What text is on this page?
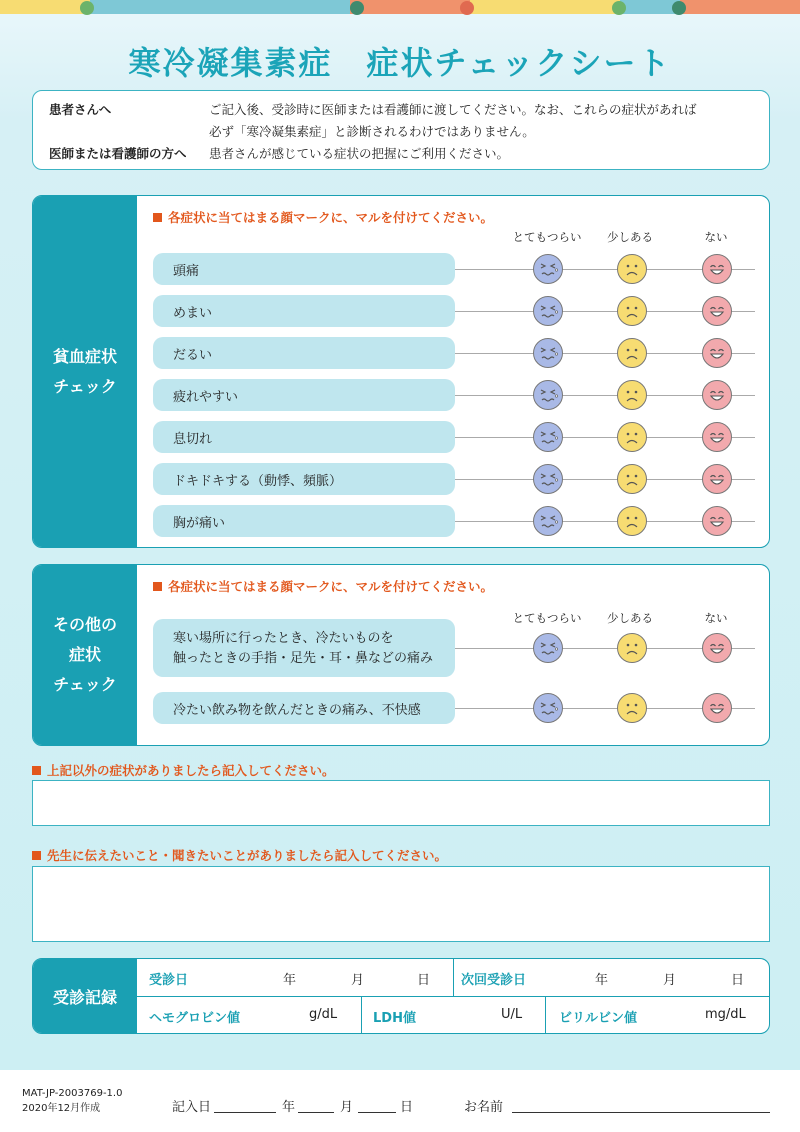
寒冷凝集素症　症状チェックシート
患者さんへ	ご記入後、受診時に医師または看護師に渡してください。なお、これらの症状があれば
必ず「寒冷凝集素症」と診断されるわけではありません。
医師または看護師の方へ	患者さんが感じている症状の把握にご利用ください。
貧血症状
チェック
各症状に当てはまる顔マークに、マルを付けてください。
とてもつらい	少しある	ない
頭痛
めまい
だるい
疲れやすい
息切れ
ドキドキする（動悸、頻脈）
胸が痛い
その他の
症状
チェック
各症状に当てはまる顔マークに、マルを付けてください。
とてもつらい	少しある	ない
寒い場所に行ったとき、冷たいものを
触ったときの手指・足先・耳・鼻などの痛み
冷たい飲み物を飲んだときの痛み、不快感
上記以外の症状がありましたら記入してください。
先生に伝えたいこと・聞きたいことがありましたら記入してください。
受診記録
受診日	年	月	日 次回受診日	年	月	日
ヘモグロビン値	g/dL	LDH値	U/L	ビリルビン値	mg/dL
MAT-JP-2003769-1.0
2020年12月作成	記入日	年	月	日	お名前
